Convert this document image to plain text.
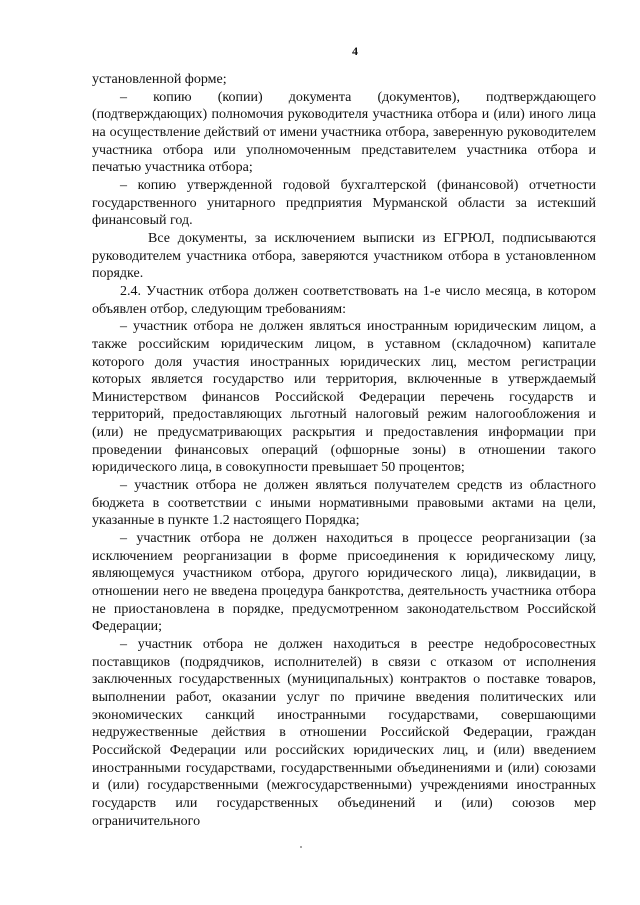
4

установленной форме;

– копию (копии) документа (документов), подтверждающего (подтверждающих) полномочия руководителя участника отбора и (или) иного лица на осуществление действий от имени участника отбора, заверенную руководителем участника отбора или уполномоченным представителем участника отбора и печатью участника отбора;

– копию утвержденной годовой бухгалтерской (финансовой) отчетности государственного унитарного предприятия Мурманской области за истекший финансовый год.

Все документы, за исключением выписки из ЕГРЮЛ, подписываются руководителем участника отбора, заверяются участником отбора в установленном порядке.

2.4. Участник отбора должен соответствовать на 1-е число месяца, в котором объявлен отбор, следующим требованиям:

– участник отбора не должен являться иностранным юридическим лицом, а также российским юридическим лицом, в уставном (складочном) капитале которого доля участия иностранных юридических лиц, местом регистрации которых является государство или территория, включенные в утверждаемый Министерством финансов Российской Федерации перечень государств и территорий, предоставляющих льготный налоговый режим налогообложения и (или) не предусматривающих раскрытия и предоставления информации при проведении финансовых операций (офшорные зоны) в отношении такого юридического лица, в совокупности превышает 50 процентов;

– участник отбора не должен являться получателем средств из областного бюджета в соответствии с иными нормативными правовыми актами на цели, указанные в пункте 1.2 настоящего Порядка;

– участник отбора не должен находиться в процессе реорганизации (за исключением реорганизации в форме присоединения к юридическому лицу, являющемуся участником отбора, другого юридического лица), ликвидации, в отношении него не введена процедура банкротства, деятельность участника отбора не приостановлена в порядке, предусмотренном законодательством Российской Федерации;

– участник отбора не должен находиться в реестре недобросовестных поставщиков (подрядчиков, исполнителей) в связи с отказом от исполнения заключенных государственных (муниципальных) контрактов о поставке товаров, выполнении работ, оказании услуг по причине введения политических или экономических санкций иностранными государствами, совершающими недружественные действия в отношении Российской Федерации, граждан Российской Федерации или российских юридических лиц, и (или) введением иностранными государствами, государственными объединениями и (или) союзами и (или) государственными (межгосударственными) учреждениями иностранных государств или государственных объединений и (или) союзов мер ограничительного
